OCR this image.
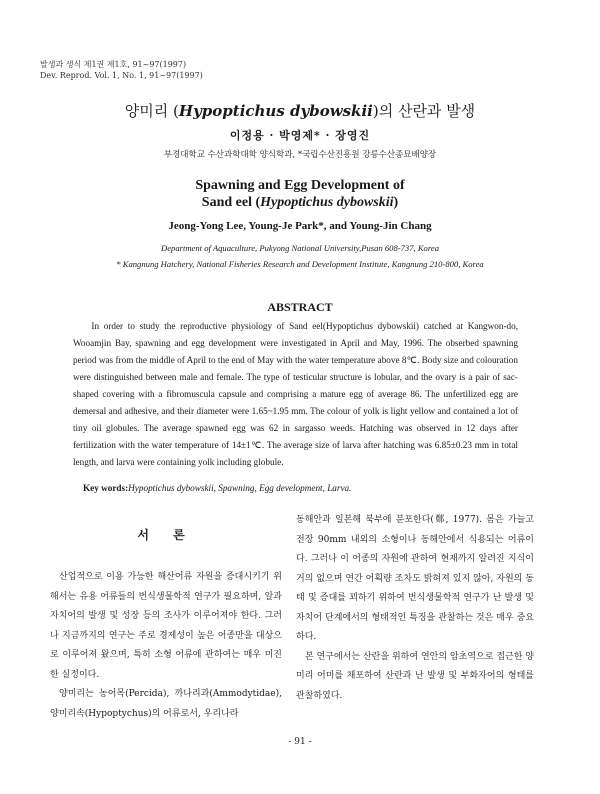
발생과 생식 제1권 제1호, 91~97(1997)
Dev. Reprod. Vol. 1, No. 1, 91~97(1997)
양미리 (Hypoptichus dybowskii)의 산란과 발생
이정용 · 박영제* · 장영진
부경대학교 수산과학대학 양식학과, *국립수산진흥원 강릉수산종묘배양장
Spawning and Egg Development of
Sand eel (Hypoptichus dybowskii)
Jeong-Yong Lee, Young-Je Park*, and Young-Jin Chang
Department of Aquaculture, Pukyong National University,Pusan 608-737, Korea
* Kangnung Hatchery, National Fisheries Research and Development Institute, Kangnung 210-800, Korea
ABSTRACT
In order to study the reproductive physiology of Sand eel(Hypoptichus dybowskii) catched at Kangwon-do, Wooamjin Bay, spawning and egg development were investigated in April and May, 1996. The obserbed spawning period was from the middle of April to the end of May with the water temperature above 8℃. Body size and colouration were distinguished between male and female. The type of testicular structure is lobular, and the ovary is a pair of sac-shaped covering with a fibromuscula capsule and comprising a mature egg of average 86. The unfertilized egg are demersal and adhesive, and their diameter were 1.65~1.95 mm. The colour of yolk is light yellow and contained a lot of tiny oil globules. The average spawned egg was 62 in sargasso weeds. Hatching was observed in 12 days after fertilization with the water temperature of 14±1℃. The average size of larva after hatching was 6.85±0.23 mm in total length, and larva were containing yolk including globule.
Key words:Hypoptichus dybowskii, Spawning, Egg development, Larva.
서 론

산업적으로 이용 가능한 해산어류 자원을 증대시키기 위해서는 유용 어류들의 번식생물학적 연구가 필요하며, 알과 자치어의 발생 및 성장 등의 조사가 이루어져야 한다. 그러나 지금까지의 연구는 주로 경제성이 높은 어종만을 대상으로 이루어져 왔으며, 특히 소형 어류에 관하여는 매우 미진한 실정이다.

양미리는 농어목(Percida), 까나리과(Ammodytidae), 양미리속(Hypoptychus)의 어류로서, 우리나라

동해안과 일본해 북부에 분포한다(鄭, 1977). 몸은 가늘고 전장 90mm 내외의 소형이나 동해안에서 식용되는 어류이다. 그러나 이 어종의 자원에 관하여 현재까지 알려진 지식이 거의 없으며 연간 어획량 조차도 밝혀져 있지 않아, 자원의 동태 및 증대를 꾀하기 위하여 번식생물학적 연구가 난 발생 및 자치어 단계에서의 형태적인 특징을 관찰하는 것은 매우 중요하다.

본 연구에서는 산란을 위하여 연안의 암초역으로 접근한 양미리 어미를 채포하여 산란과 난 발생 및 부화자어의 형태를 관찰하였다.

- 91 -
